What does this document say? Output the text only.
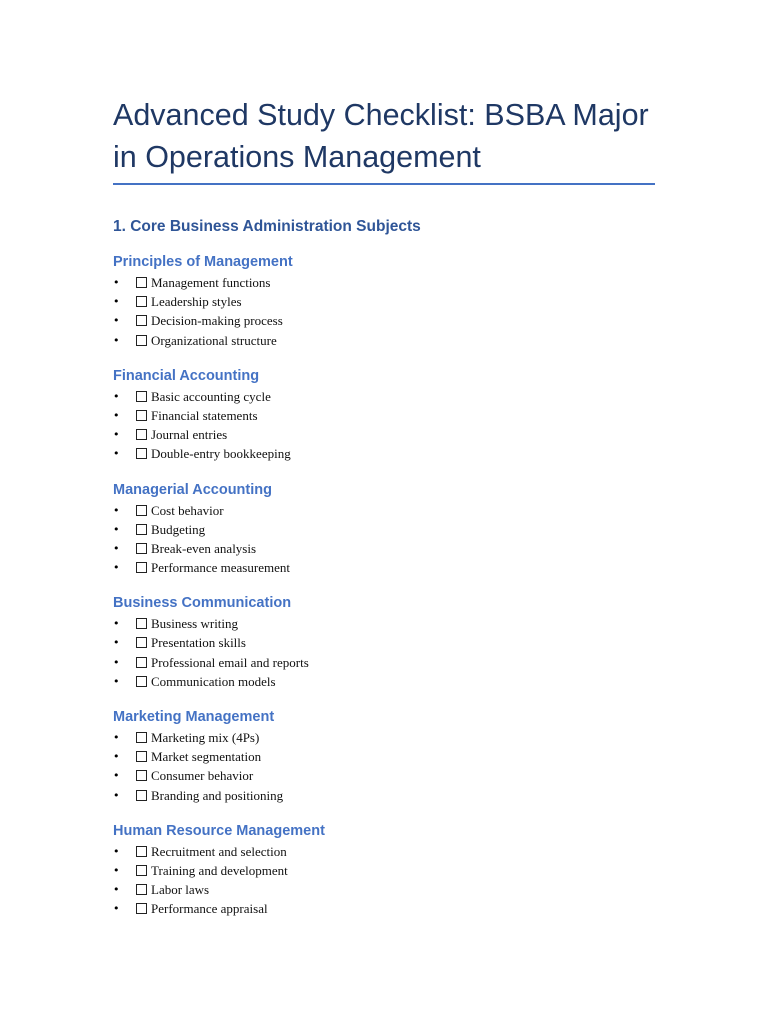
Advanced Study Checklist: BSBA Major in Operations Management
1. Core Business Administration Subjects
Principles of Management
• Management functions
• Leadership styles
• Decision-making process
• Organizational structure
Financial Accounting
• Basic accounting cycle
• Financial statements
• Journal entries
• Double-entry bookkeeping
Managerial Accounting
• Cost behavior
• Budgeting
• Break-even analysis
• Performance measurement
Business Communication
• Business writing
• Presentation skills
• Professional email and reports
• Communication models
Marketing Management
• Marketing mix (4Ps)
• Market segmentation
• Consumer behavior
• Branding and positioning
Human Resource Management
• Recruitment and selection
• Training and development
• Labor laws
• Performance appraisal
